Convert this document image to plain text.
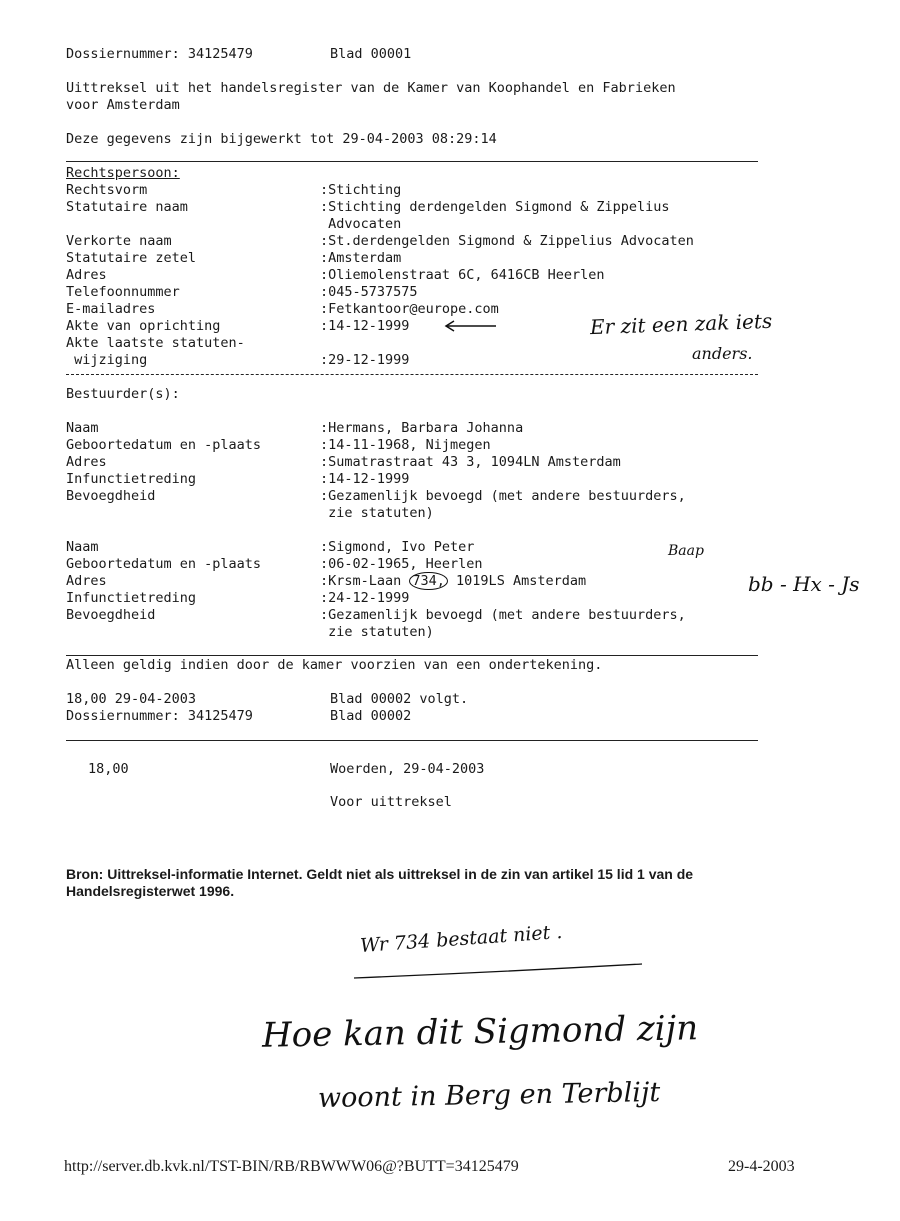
Dossiernummer: 34125479	Blad 00001
Uittreksel uit het handelsregister van de Kamer van Koophandel en Fabrieken
voor Amsterdam
Deze gegevens zijn bijgewerkt tot 29-04-2003 08:29:14
Rechtspersoon:
Rechtsvorm	:Stichting
Statutaire naam	:Stichting derdengelden Sigmond & Zippelius
Advocaten
Verkorte naam	:St.derdengelden Sigmond & Zippelius Advocaten
Statutaire zetel	:Amsterdam
Adres	:Oliemolenstraat 6C, 6416CB Heerlen
Telefoonnummer	:045-5737575
E-mailadres	:Fetkantoor@europe.com
Akte van oprichting	:14-12-1999
Akte laatste statuten-
wijziging	:29-12-1999
Bestuurder(s):
Naam	:Hermans, Barbara Johanna
Geboortedatum en -plaats	:14-11-1968, Nijmegen
Adres	:Sumatrastraat 43 3, 1094LN Amsterdam
Infunctietreding	:14-12-1999
Bevoegdheid	:Gezamenlijk bevoegd (met andere bestuurders,
zie statuten)
Naam	:Sigmond, Ivo Peter
Geboortedatum en -plaats	:06-02-1965, Heerlen
Adres	:Krsm-Laan 734, 1019LS Amsterdam
Infunctietreding	:24-12-1999
Bevoegdheid	:Gezamenlijk bevoegd (met andere bestuurders,
zie statuten)
Alleen geldig indien door de kamer voorzien van een ondertekening.
18,00 29-04-2003	Blad 00002 volgt.
Dossiernummer: 34125479	Blad 00002
18,00	Woerden, 29-04-2003
Voor uittreksel
Bron: Uittreksel-informatie Internet. Geldt niet als uittreksel in de zin van artikel 15 lid 1 van de
Handelsregisterwet 1996.
http://server.db.kvk.nl/TST-BIN/RB/RBWWW06@?BUTT=34125479	29-4-2003
Er zit een zak iets
anders.
Baap
bb - Hx - Js
Wr 734 bestaat niet .
Hoe kan dit Sigmond zijn
woont in Berg en Terblijt
